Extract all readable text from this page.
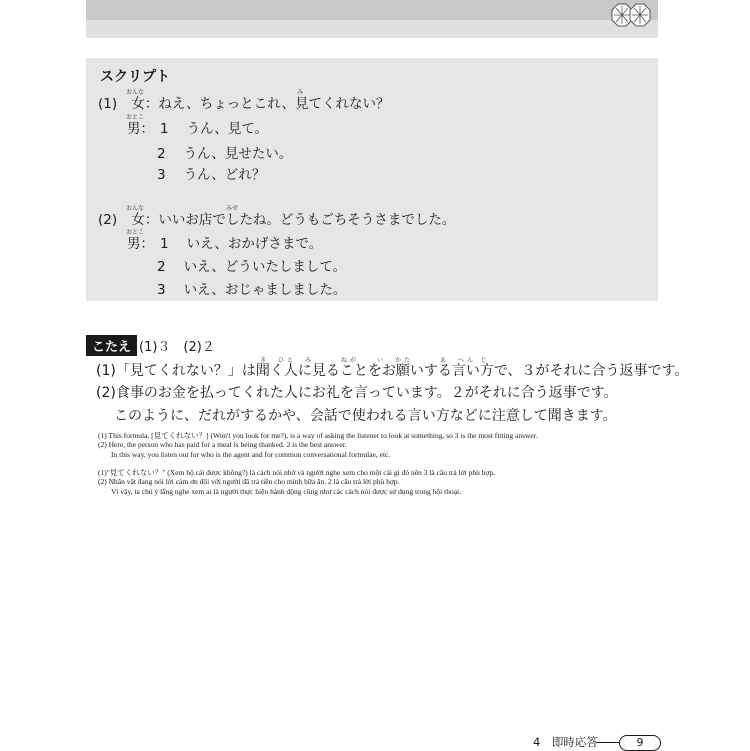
スクリプト
おんな	み
(1) 女：ねえ、ちょっとこれ、見てくれない？
おとこ
男： 1 うん、見て。
2 うん、見せたい。
3 うん、どれ？
おんな	みせ
(2) 女：いいお店でしたね。どうもごちそうさまでした。
おとこ
男： 1 いえ、おかげさまで。
2 いえ、どういたしまして。
3 いえ、おじゃましました。
こたえ (1)３　(2)２
き　ひと　み　　　ねが　　い　かた　　　あ　へん じ
(1)「見てくれない？」は聞く人に見ることをお願いする言い方で、３がそれに合う返事です。
(2)食事のお金を払ってくれた人にお礼を言っています。２がそれに合う返事です。
このように、だれがするかや、会話で使われる言い方などに注意して聞きます。
(1) This formula, [見てくれない？] (Won't you look for me?), is a way of asking the listener to look at something, so 3 is the most fitting answer.
(2) Here, the person who has paid for a meal is being thanked. 2 is the best answer.
In this way, you listen out for who is the agent and for common conversational formulae, etc.
(1)"見てくれない？" (Xem hộ cái được không?) là cách nói nhờ và người nghe xem cho một cái gì đó nên 3 là câu trả lời phù hợp.
(2) Nhân vật đang nói lời cảm ơn đối với người đã trả tiền cho mình bữa ăn. 2 là câu trả lời phù hợp.
Vì vậy, ta chú ý lắng nghe xem ai là người thực hiện hành động cũng như các cách nói được sử dụng trong hội thoại.
4　即時応答	9
